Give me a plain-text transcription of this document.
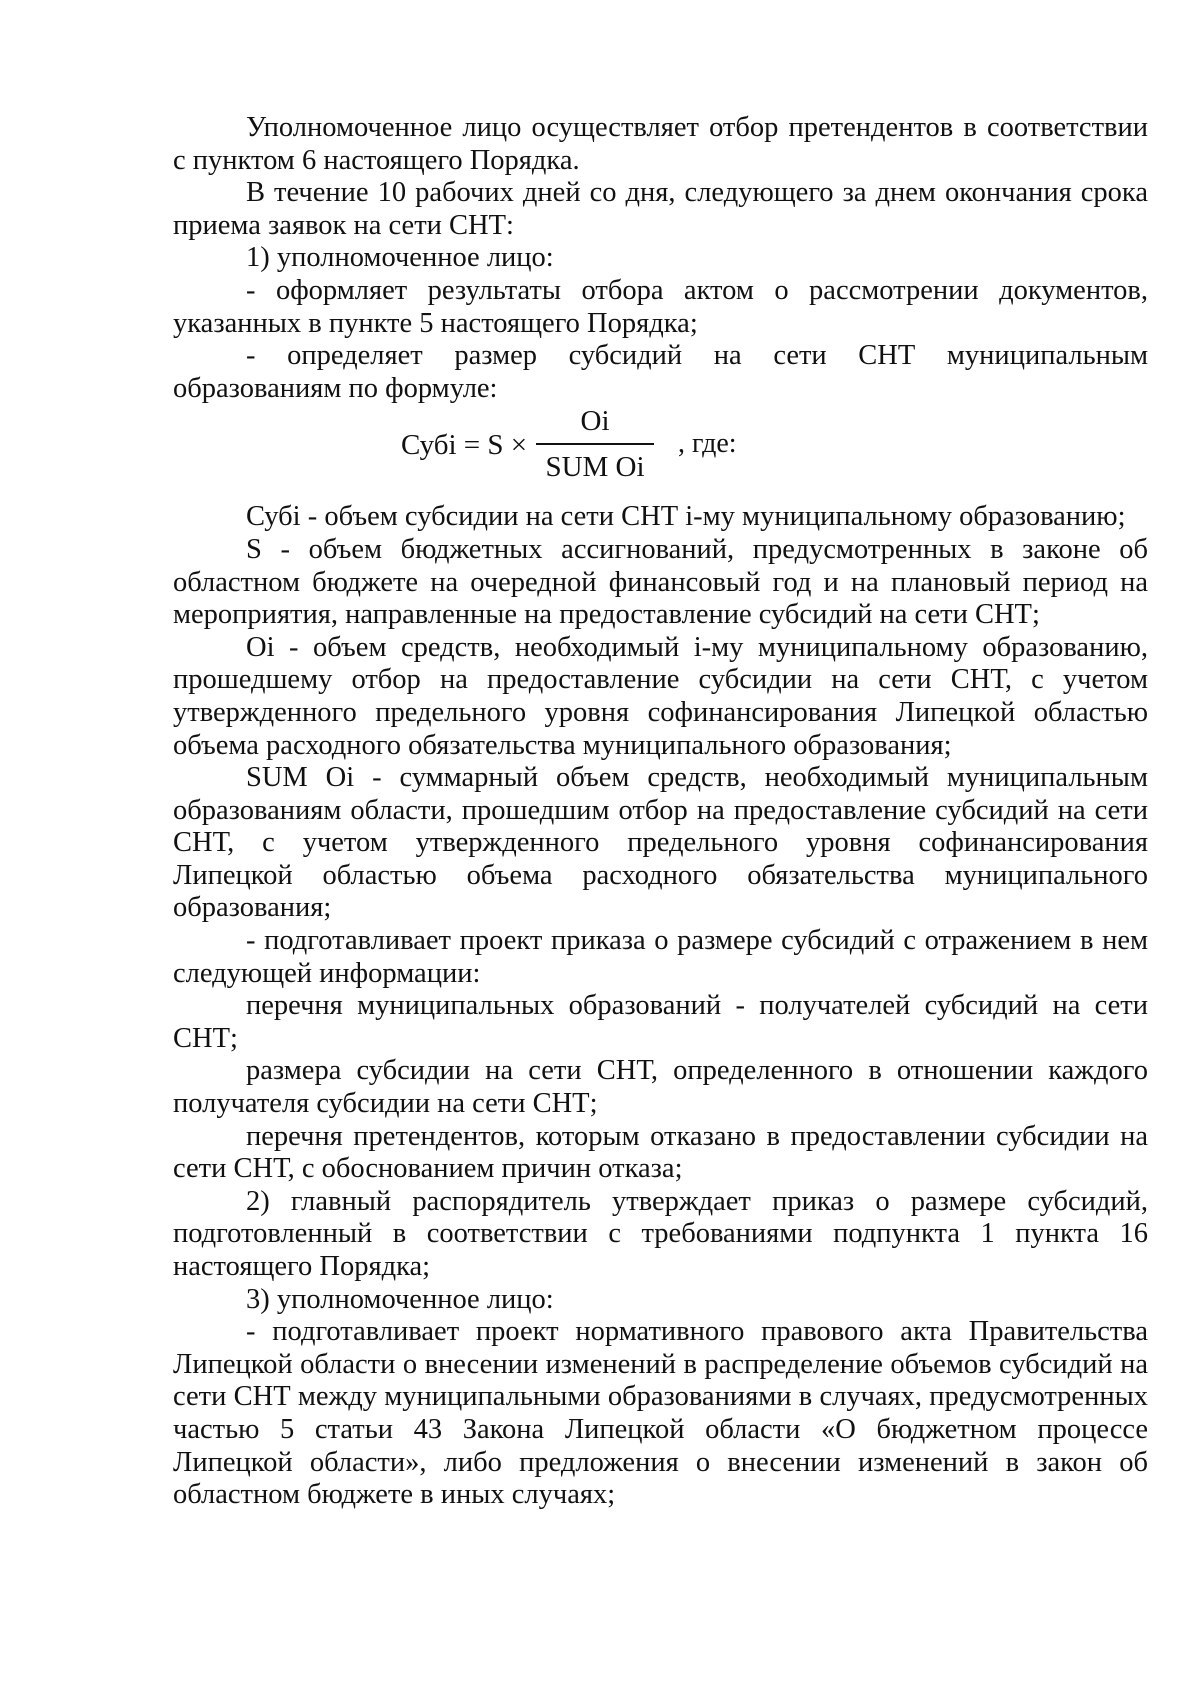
Уполномоченное лицо осуществляет отбор претендентов в соответствии с пунктом 6 настоящего Порядка.

В течение 10 рабочих дней со дня, следующего за днем окончания срока приема заявок на сети СНТ:

1) уполномоченное лицо:

- оформляет результаты отбора актом о рассмотрении документов, указанных в пункте 5 настоящего Порядка;

- определяет размер субсидий на сети СНТ муниципальным образованиям по формуле:

Субi = S ×
Oi
SUM Oi
, где:

Субi - объем субсидии на сети СНТ i-му муниципальному образованию;

S - объем бюджетных ассигнований, предусмотренных в законе об областном бюджете на очередной финансовый год и на плановый период на мероприятия, направленные на предоставление субсидий на сети СНТ;

Oi - объем средств, необходимый i-му муниципальному образованию, прошедшему отбор на предоставление субсидии на сети СНТ, с учетом утвержденного предельного уровня софинансирования Липецкой областью объема расходного обязательства муниципального образования;

SUM Oi - суммарный объем средств, необходимый муниципальным образованиям области, прошедшим отбор на предоставление субсидий на сети СНТ, с учетом утвержденного предельного уровня софинансирования Липецкой областью объема расходного обязательства муниципального образования;

- подготавливает проект приказа о размере субсидий с отражением в нем следующей информации:

перечня муниципальных образований - получателей субсидий на сети СНТ;

размера субсидии на сети СНТ, определенного в отношении каждого получателя субсидии на сети СНТ;

перечня претендентов, которым отказано в предоставлении субсидии на сети СНТ, с обоснованием причин отказа;

2) главный распорядитель утверждает приказ о размере субсидий, подготовленный в соответствии с требованиями подпункта 1 пункта 16 настоящего Порядка;

3) уполномоченное лицо:

- подготавливает проект нормативного правового акта Правительства Липецкой области о внесении изменений в распределение объемов субсидий на сети СНТ между муниципальными образованиями в случаях, предусмотренных частью 5 статьи 43 Закона Липецкой области «О бюджетном процессе Липецкой области», либо предложения о внесении изменений в закон об областном бюджете в иных случаях;
